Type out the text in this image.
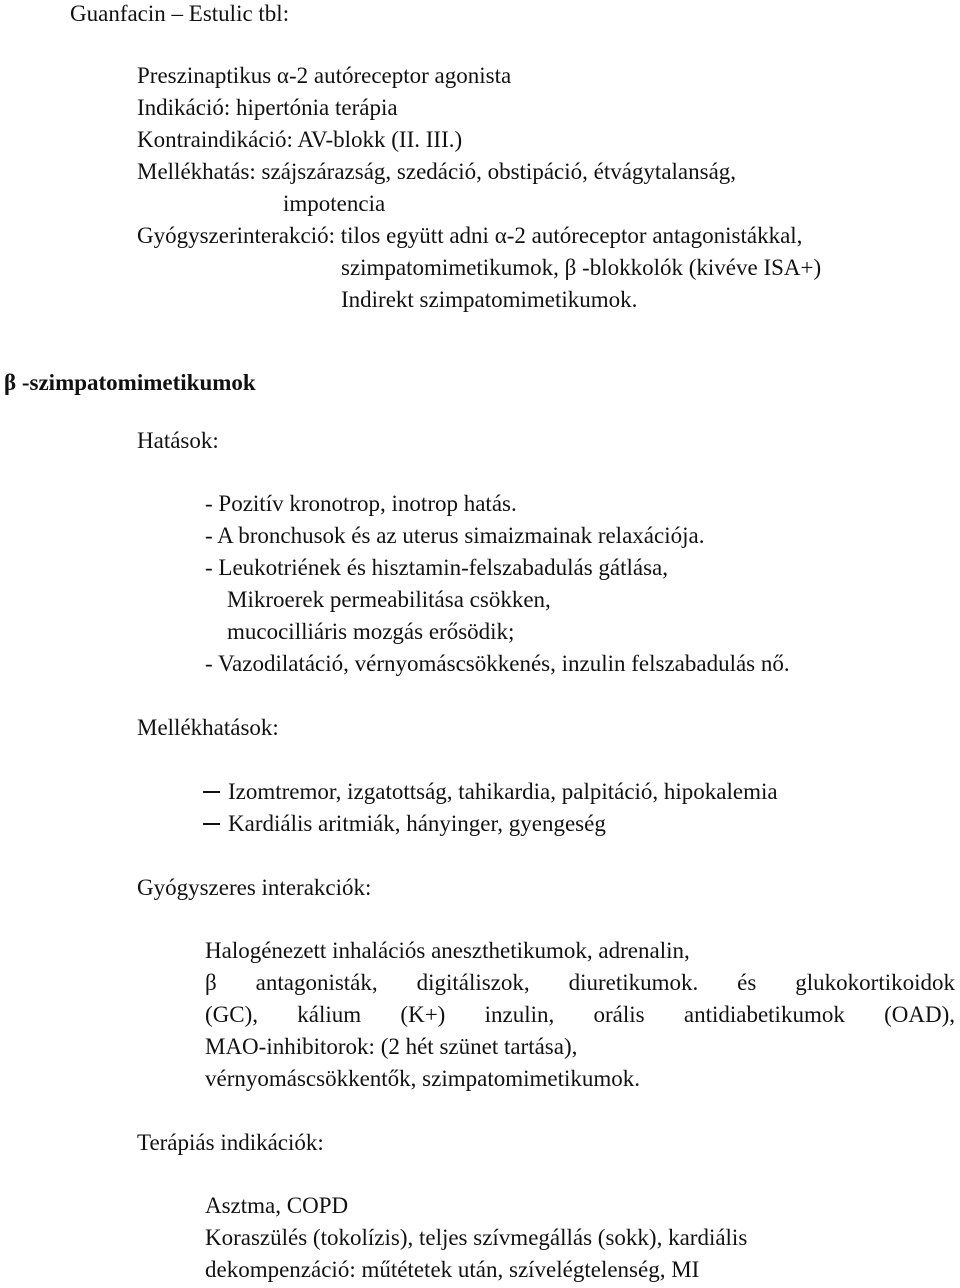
Guanfacin – Estulic tbl:
Preszinaptikus α-2 autóreceptor agonista
Indikáció: hipertónia terápia
Kontraindikáció: AV-blokk (II. III.)
Mellékhatás: szájszárazság, szedáció, obstipáció, étvágytalanság,
impotencia
Gyógyszerinterakció: tilos együtt adni α-2 autóreceptor antagonistákkal,
szimpatomimetikumok, β -blokkolók (kivéve ISA+)
Indirekt szimpatomimetikumok.
β -szimpatomimetikumok
Hatások:
- Pozitív kronotrop, inotrop hatás.
- A bronchusok és az uterus simaizmainak relaxációja.
- Leukotriének és hisztamin-felszabadulás gátlása,
Mikroerek permeabilitása csökken,
mucocilliáris mozgás erősödik;
- Vazodilatáció, vérnyomáscsökkenés, inzulin felszabadulás nő.
Mellékhatások:
Izomtremor, izgatottság, tahikardia, palpitáció, hipokalemia
Kardiális aritmiák, hányinger, gyengeség
Gyógyszeres interakciók:
Halogénezett inhalációs aneszthetikumok, adrenalin,
β antagonisták, digitáliszok, diuretikumok. és glukokortikoidok
(GC), kálium (K+) inzulin, orális antidiabetikumok (OAD),
MAO-inhibitorok: (2 hét szünet tartása),
vérnyomáscsökkentők, szimpatomimetikumok.
Terápiás indikációk:
Asztma, COPD
Koraszülés (tokolízis), teljes szívmegállás (sokk), kardiális
dekompenzáció: műtétetek után, szívelégtelenség, MI
